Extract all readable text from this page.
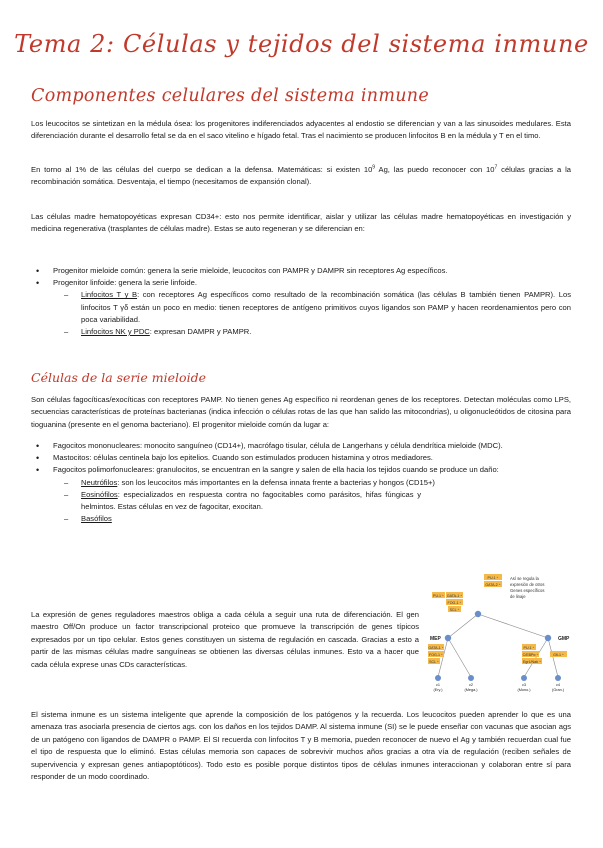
Tema 2: Células y tejidos del sistema inmune
Componentes celulares del sistema inmune
Los leucocitos se sintetizan en la médula ósea: los progenitores indiferenciados adyacentes al endostio se diferencian y van a las sinusoides medulares. Esta diferenciación durante el desarrollo fetal se da en el saco vitelino e hígado fetal. Tras el nacimiento se producen linfocitos B en la médula y T en el timo.
En torno al 1% de las células del cuerpo se dedican a la defensa. Matemáticas: si existen $10^9$ Ag, las puedo reconocer con $10^7$ células gracias a la recombinación somática. Desventaja, el tiempo (necesitamos de expansión clonal).
Las células madre hematopoyéticas expresan CD34+: esto nos permite identificar, aislar y utilizar las células madre hematopoyéticas en investigación y medicina regenerativa (trasplantes de células madre). Estas se auto regeneran y se diferencian en:
• Progenitor mieloide común: genera la serie mieloide, leucocitos con PAMPR y DAMPR sin receptores Ag específicos.
• Progenitor linfoide: genera la serie linfoide.
– Linfocitos T y B: con receptores Ag específicos como resultado de la recombinación somática (las células B también tienen PAMPR). Los linfocitos T γδ están un poco en medio: tienen receptores de antígeno primitivos cuyos ligandos son PAMP y hacen reordenamientos pero con poca variabilidad.
– Linfocitos NK y PDC: expresan DAMPR y PAMPR.
Células de la serie mieloide
Son células fagocíticas/exocíticas con receptores PAMP. No tienen genes Ag específico ni reordenan genes de los receptores. Detectan moléculas como LPS, secuencias características de proteínas bacterianas (indica infección o células rotas de las que han salido las mitocondrias), u oligonucleótidos de citosina para tioguanina (presente en el genoma bacteriano). El progenitor mieloide común da lugar a:
• Fagocitos mononucleares: monocito sanguíneo (CD14+), macrófago tisular, célula de Langerhans y célula dendrítica mieloide (MDC).
• Mastocitos: células centinela bajo los epitelios. Cuando son estimulados producen histamina y otros mediadores.
• Fagocitos polimorfonucleares: granulocitos, se encuentran en la sangre y salen de ella hacia los tejidos cuando se produce un daño:
– Neutrófilos: son los leucocitos más importantes en la defensa innata frente a bacterias y hongos (CD15+)
– Eosinófilos: especializados en respuesta contra no fagocitables como parásitos, hifas fúngicas y helmintos. Estas células en vez de fagocitar, exocitan.
– Basófilos
La expresión de genes reguladores maestros obliga a cada célula a seguir una ruta de diferenciación. El gen maestro Off/On produce un factor transcripcional proteico que promueve la transcripción de genes típicos expresados por un tipo celular. Estos genes constituyen un sistema de regulación en cascada. Gracias a esto a partir de las mismas células madre sanguíneas se obtienen las diversas células inmunes. Esto va a hacer que cada célula exprese unas CDs características.
El sistema inmune es un sistema inteligente que aprende la composición de los patógenos y la recuerda. Los leucocitos pueden aprender lo que es una amenaza tras asociarla presencia de ciertos ags. con los daños en los tejidos DAMP. Al sistema inmune (SI) se le puede enseñar con vacunas que asocian ags de un patógeno con ligandos de DAMPR o PAMP. El SI recuerda con linfocitos T y B memoria, pueden reconocer de nuevo el Ag y también recuerdan cual fue el tipo de respuesta que lo eliminó. Estas células memoria son capaces de sobrevivir muchos años gracias a otra vía de regulación (reciben señales de supervivencia y expresan genes antiapoptóticos). Todo esto es posible porque distintos tipos de células inmunes interaccionan y colaboran entre sí para responder de un modo coordinado.
PU.1 ⁺
GATA-2 ⁺
PU.1 ⁺ GATA-1 ⁺
FOG-1 ⁺
SCL ⁺
Así se regula la
expresión de otros
Genes específicos
de linaje
MEP	GMP
GATA-1 ⁺
FOG-1 ⁺
SCL ⁺
PU.1 ⁺
C/EBPα ⁺	Gfi-1 ⁺
Egr1/Nab ⁺
c1
(Ery.)
c2
(Mega.)
c3
(Mono.)
c4
(Gran.)
